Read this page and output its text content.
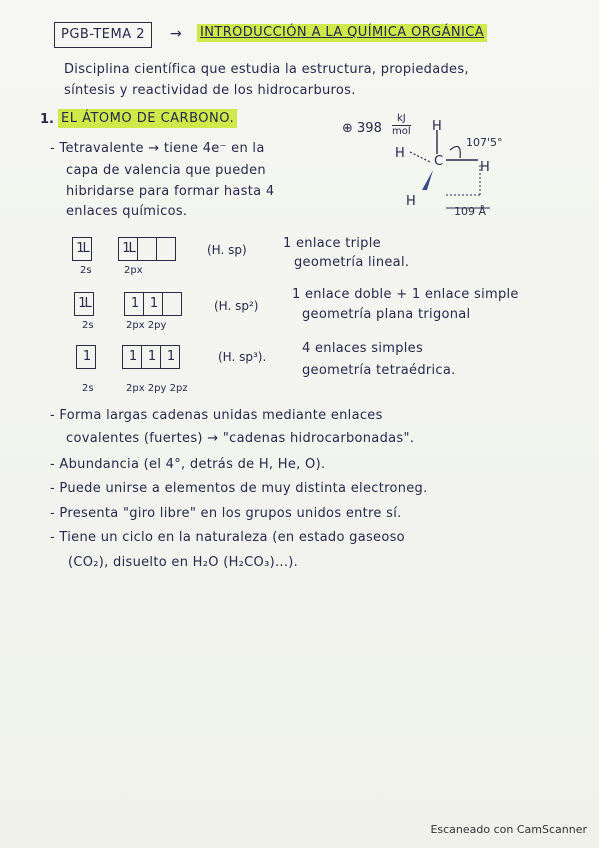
PGB-TEMA 2	→ INTRODUCCIÓN A LA QUÍMICA ORGÁNICA
Disciplina científica que estudia la estructura, propiedades,
síntesis y reactividad de los hidrocarburos.
1. EL ÁTOMO DE CARBONO.
- Tetravalente → tiene 4e⁻ en la
capa de valencia que pueden
hibridarse para formar hasta 4
enlaces químicos.
⊕ 398
kJ
mol H
107'5°
H
C	H
H
109 Å
1L	1L
2s	2px
(H. sp)	1 enlace triple
geometría lineal.
1L	1 1
2s	2px 2py
(H. sp²)
1 enlace doble + 1 enlace simple
geometría plana trigonal
1	1 1 1
2s	2px 2py 2pz
(H. sp³).
4 enlaces simples
geometría tetraédrica.
- Forma largas cadenas unidas mediante enlaces
covalentes (fuertes) → "cadenas hidrocarbonadas".
- Abundancia (el 4°, detrás de H, He, O).
- Puede unirse a elementos de muy distinta electroneg.
- Presenta "giro libre" en los grupos unidos entre sí.
- Tiene un ciclo en la naturaleza (en estado gaseoso
(CO₂), disuelto en H₂O (H₂CO₃)...).
Escaneado con CamScanner
